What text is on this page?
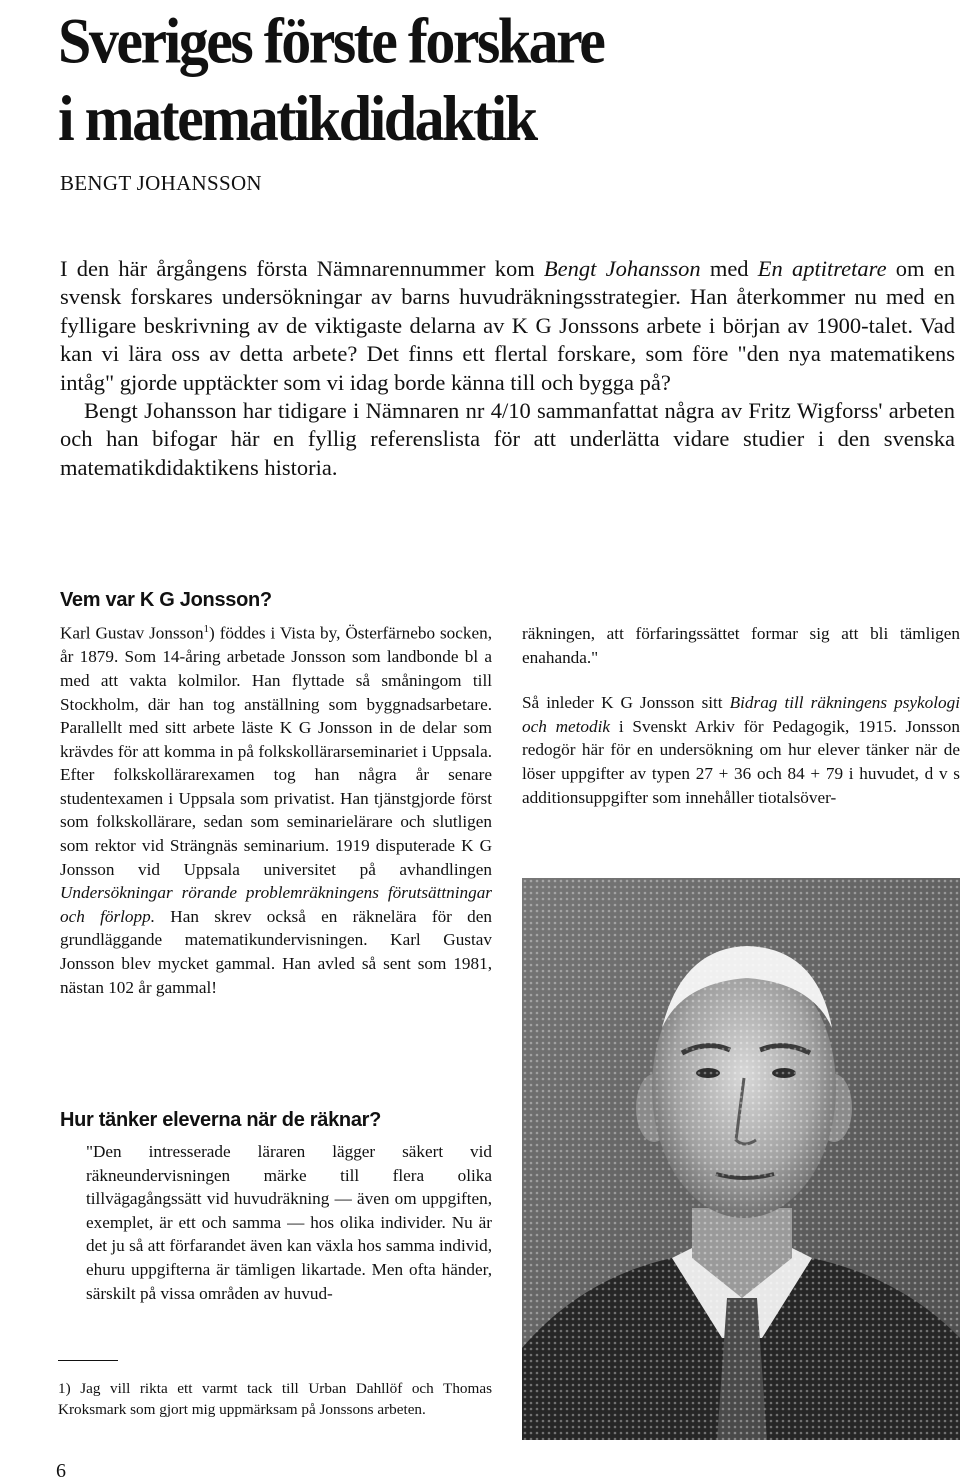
Sveriges förste forskare
i matematikdidaktik
BENGT JOHANSSON

I den här årgångens första Nämnarennummer kom Bengt Johansson med En aptitretare om en svensk forskares undersökningar av barns huvudräkningsstrategier. Han återkommer nu med en fylligare beskrivning av de viktigaste delarna av K G Jonssons arbete i början av 1900-talet. Vad kan vi lära oss av detta arbete? Det finns ett flertal forskare, som före "den nya matematikens intåg" gjorde upptäckter som vi idag borde känna till och bygga på?

Bengt Johansson har tidigare i Nämnaren nr 4/10 sammanfattat några av Fritz Wigforss' arbeten och han bifogar här en fyllig referenslista för att underlätta vidare studier i den svenska matematikdidaktikens historia.

Vem var K G Jonsson?

Karl Gustav Jonsson$^1$) föddes i Vista by, Österfärnebo socken, år 1879. Som 14-åring arbetade Jonsson som landbonde bl a med att vakta kolmilor. Han flyttade så småningom till Stockholm, där han tog anställning som byggnadsarbetare. Parallellt med sitt arbete läste K G Jonsson in de delar som krävdes för att komma in på folkskollärarseminariet i Uppsala. Efter folkskollärarexamen tog han några år senare studentexamen i Uppsala som privatist. Han tjänstgjorde först som folkskollärare, sedan som seminarielärare och slutligen som rektor vid Strängnäs seminarium. 1919 disputerade K G Jonsson vid Uppsala universitet på avhandlingen Undersökningar rörande problemräkningens förutsättningar och förlopp. Han skrev också en räknelära för den grundläggande matematikundervisningen. Karl Gustav Jonsson blev mycket gammal. Han avled så sent som 1981, nästan 102 år gammal!

Hur tänker eleverna när de räknar?

"Den intresserade läraren lägger säkert vid räkneundervisningen märke till flera olika tillvägagångssätt vid huvudräkning — även om uppgiften, exemplet, är ett och samma — hos olika individer. Nu är det ju så att förfarandet även kan växla hos samma individ, ehuru uppgifterna är tämligen likartade. Men ofta händer, särskilt på vissa områden av huvud-

räkningen, att förfaringssättet formar sig att bli tämligen enahanda."

Så inleder K G Jonsson sitt Bidrag till räkningens psykologi och metodik i Svenskt Arkiv för Pedagogik, 1915. Jonsson redogör här för en undersökning om hur elever tänker när de löser uppgifter av typen 27 + 36 och 84 + 79 i huvudet, d v s additionsuppgifter som innehåller tiotalsöver-

1) Jag vill rikta ett varmt tack till Urban Dahllöf och Thomas Kroksmark som gjort mig uppmärksam på Jonssons arbeten.

6
